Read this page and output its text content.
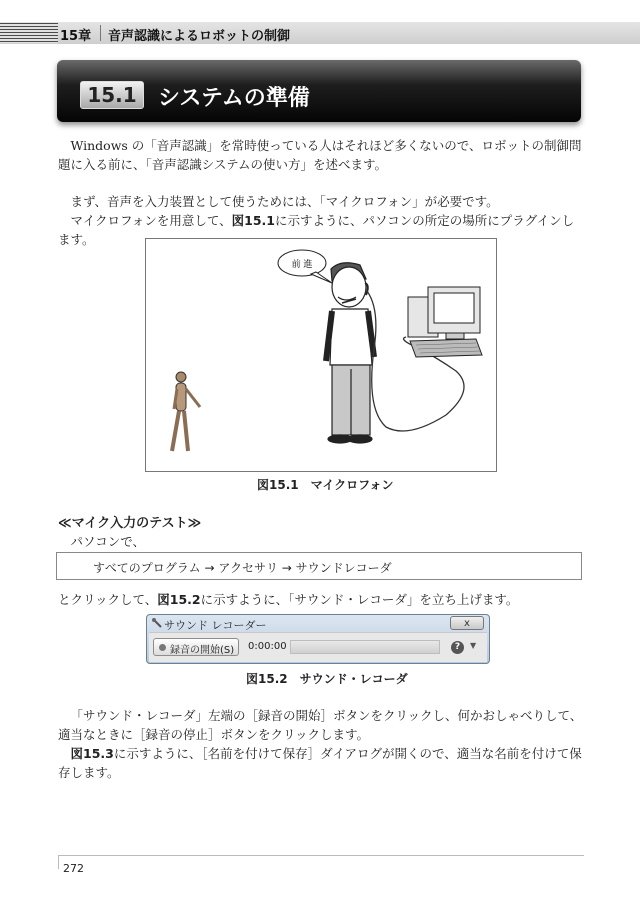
15章 音声認識によるロボットの制御
15.1 システムの準備
Windows の「音声認識」を常時使っている人はそれほど多くないので、ロボットの制御問題に入る前に、「音声認識システムの使い方」を述べます。
まず、音声を入力装置として使うためには、「マイクロフォン」が必要です。
マイクロフォンを用意して、図15.1に示すように、パソコンの所定の場所にプラグインします。
前 進
図15.1　マイクロフォン
≪マイク入力のテスト≫
パソコンで、
すべてのプログラム → アクセサリ → サウンドレコーダ
とクリックして、図15.2に示すように、「サウンド・レコーダ」を立ち上げます。
サウンド レコーダー	x
録音の開始(S) 0:00:00	?	▼
図15.2　サウンド・レコーダ
「サウンド・レコーダ」左端の［録音の開始］ボタンをクリックし、何かおしゃべりして、適当なときに［録音の停止］ボタンをクリックします。
図15.3に示すように、［名前を付けて保存］ダイアログが開くので、適当な名前を付けて保存します。
272
